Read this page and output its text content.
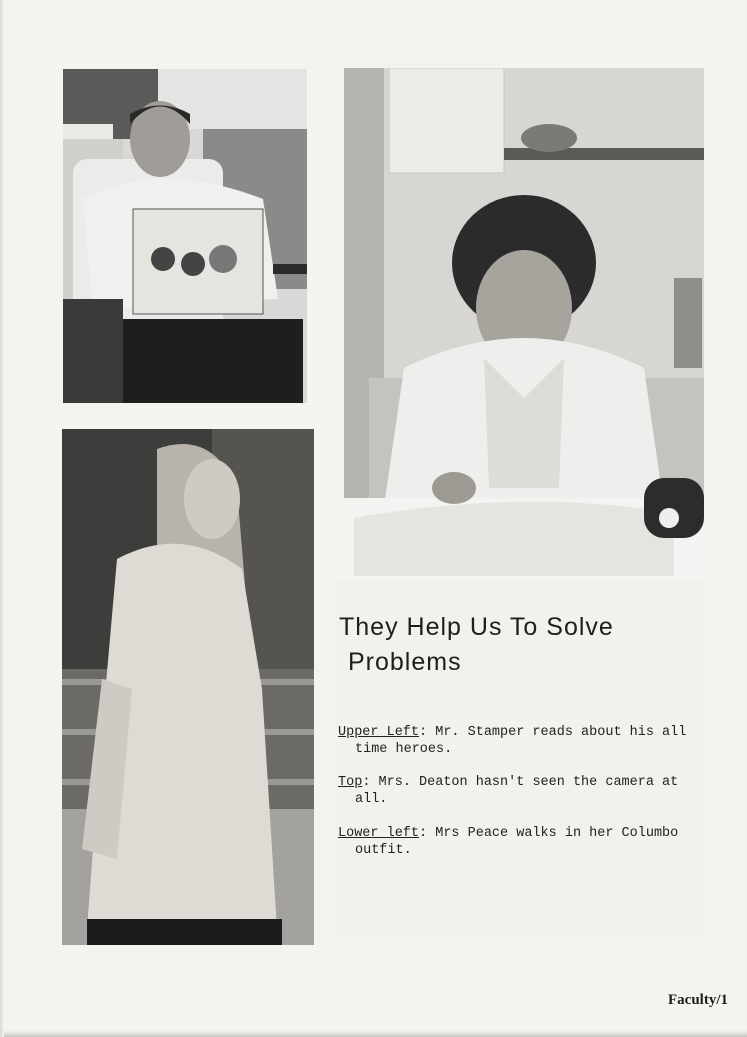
They Help Us To Solve
Problems

Upper Left: Mr. Stamper reads about his all
time heroes.

Top: Mrs. Deaton hasn't seen the camera at
all.

Lower left: Mrs Peace walks in her Columbo
outfit.

Faculty/1
